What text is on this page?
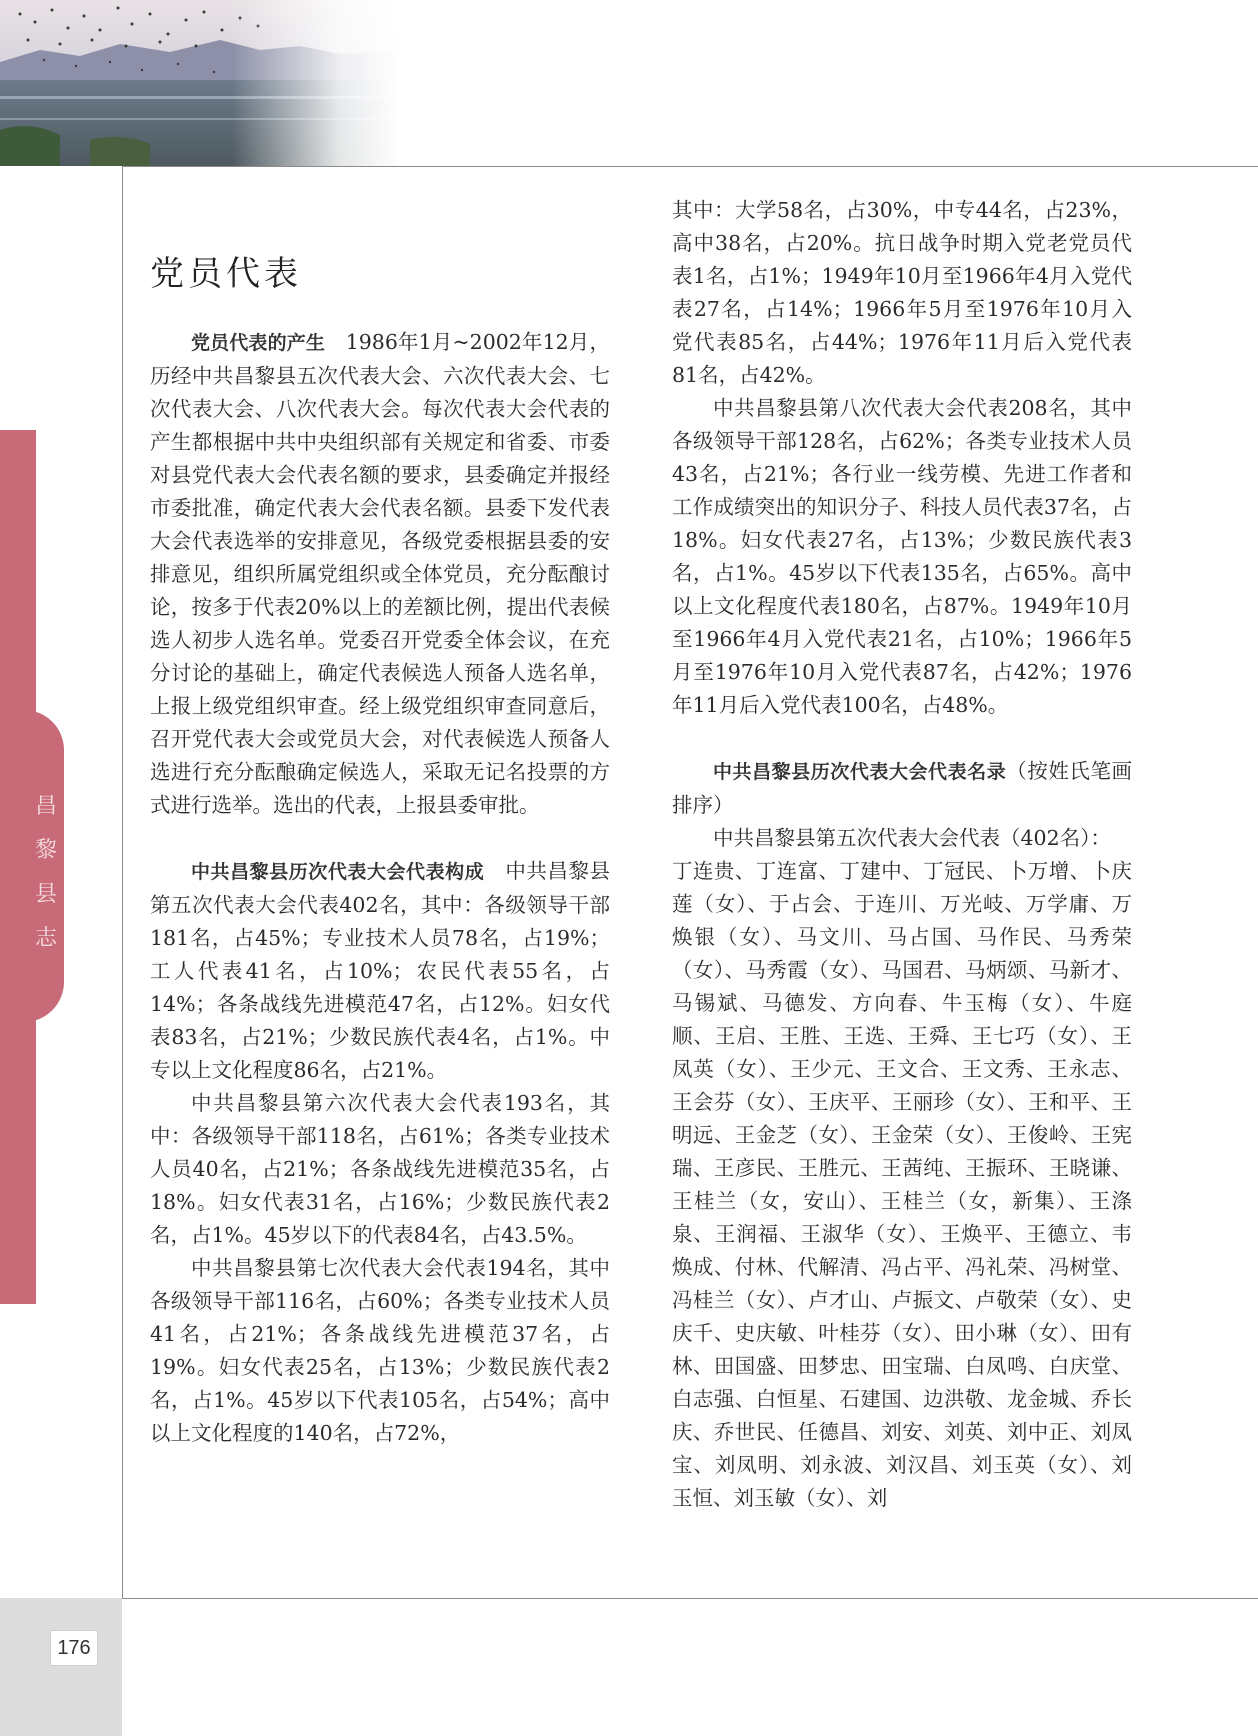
昌黎县志
176
党员代表

党员代表的产生　 1986年1月~2002年12月，历经中共昌黎县五次代表大会、六次代表大会、七次代表大会、八次代表大会。每次代表大会代表的产生都根据中共中央组织部有关规定和省委、市委对县党代表大会代表名额的要求，县委确定并报经市委批准，确定代表大会代表名额。县委下发代表大会代表选举的安排意见，各级党委根据县委的安排意见，组织所属党组织或全体党员，充分酝酿讨论，按多于代表20%以上的差额比例，提出代表候选人初步人选名单。党委召开党委全体会议，在充分讨论的基础上，确定代表候选人预备人选名单，上报上级党组织审查。经上级党组织审查同意后，召开党代表大会或党员大会，对代表候选人预备人选进行充分酝酿确定候选人，采取无记名投票的方式进行选举。选出的代表，上报县委审批。

中共昌黎县历次代表大会代表构成　 中共昌黎县第五次代表大会代表402名，其中：各级领导干部181名，占45%；专业技术人员78名，占19%；工人代表41名，占10%；农民代表55名，占14%；各条战线先进模范47名，占12%。妇女代表83名，占21%；少数民族代表4名，占1%。中专以上文化程度86名，占21%。

中共昌黎县第六次代表大会代表193名，其中：各级领导干部118名，占61%；各类专业技术人员40名，占21%；各条战线先进模范35名，占18%。妇女代表31名，占16%；少数民族代表2名，占1%。45岁以下的代表84名，占43.5%。

中共昌黎县第七次代表大会代表194名，其中各级领导干部116名，占60%；各类专业技术人员41名，占21%；各条战线先进模范37名，占19%。妇女代表25名，占13%；少数民族代表2名，占1%。45岁以下代表105名，占54%；高中以上文化程度的140名，占72%，

其中：大学58名，占30%，中专44名，占23%，高中38名，占20%。抗日战争时期入党老党员代表1名，占1%；1949年10月至1966年4月入党代表27名，占14%；1966年5月至1976年10月入党代表85名，占44%；1976年11月后入党代表81名，占42%。

中共昌黎县第八次代表大会代表208名，其中各级领导干部128名，占62%；各类专业技术人员43名，占21%；各行业一线劳模、先进工作者和工作成绩突出的知识分子、科技人员代表37名，占18%。妇女代表27名，占13%；少数民族代表3名，占1%。45岁以下代表135名，占65%。高中以上文化程度代表180名，占87%。1949年10月至1966年4月入党代表21名，占10%；1966年5月至1976年10月入党代表87名，占42%；1976年11月后入党代表100名，占48%。

中共昌黎县历次代表大会代表名录（按姓氏笔画排序）

中共昌黎县第五次代表大会代表（402名）：

丁连贵、丁连富、丁建中、丁冠民、卜万增、卜庆莲（女）、于占会、于连川、万光岐、万学庸、万焕银（女）、马文川、马占国、马作民、马秀荣（女）、马秀霞（女）、马国君、马炳颂、马新才、马锡斌、马德发、方向春、牛玉梅（女）、牛庭顺、王启、王胜、王选、王舜、王七巧（女）、王凤英（女）、王少元、王文合、王文秀、王永志、王会芬（女）、王庆平、王丽珍（女）、王和平、王明远、王金芝（女）、王金荣（女）、王俊岭、王宪瑞、王彦民、王胜元、王茜纯、王振环、王晓谦、王桂兰（女，安山）、王桂兰（女，新集）、王涤泉、王润福、王淑华（女）、王焕平、王德立、韦焕成、付林、代解清、冯占平、冯礼荣、冯树堂、冯桂兰（女）、卢才山、卢振文、卢敬荣（女）、史庆千、史庆敏、叶桂芬（女）、田小琳（女）、田有林、田国盛、田梦忠、田宝瑞、白凤鸣、白庆堂、白志强、白恒星、石建国、边洪敬、龙金城、乔长庆、乔世民、任德昌、刘安、刘英、刘中正、刘凤宝、刘凤明、刘永波、刘汉昌、刘玉英（女）、刘玉恒、刘玉敏（女）、刘
